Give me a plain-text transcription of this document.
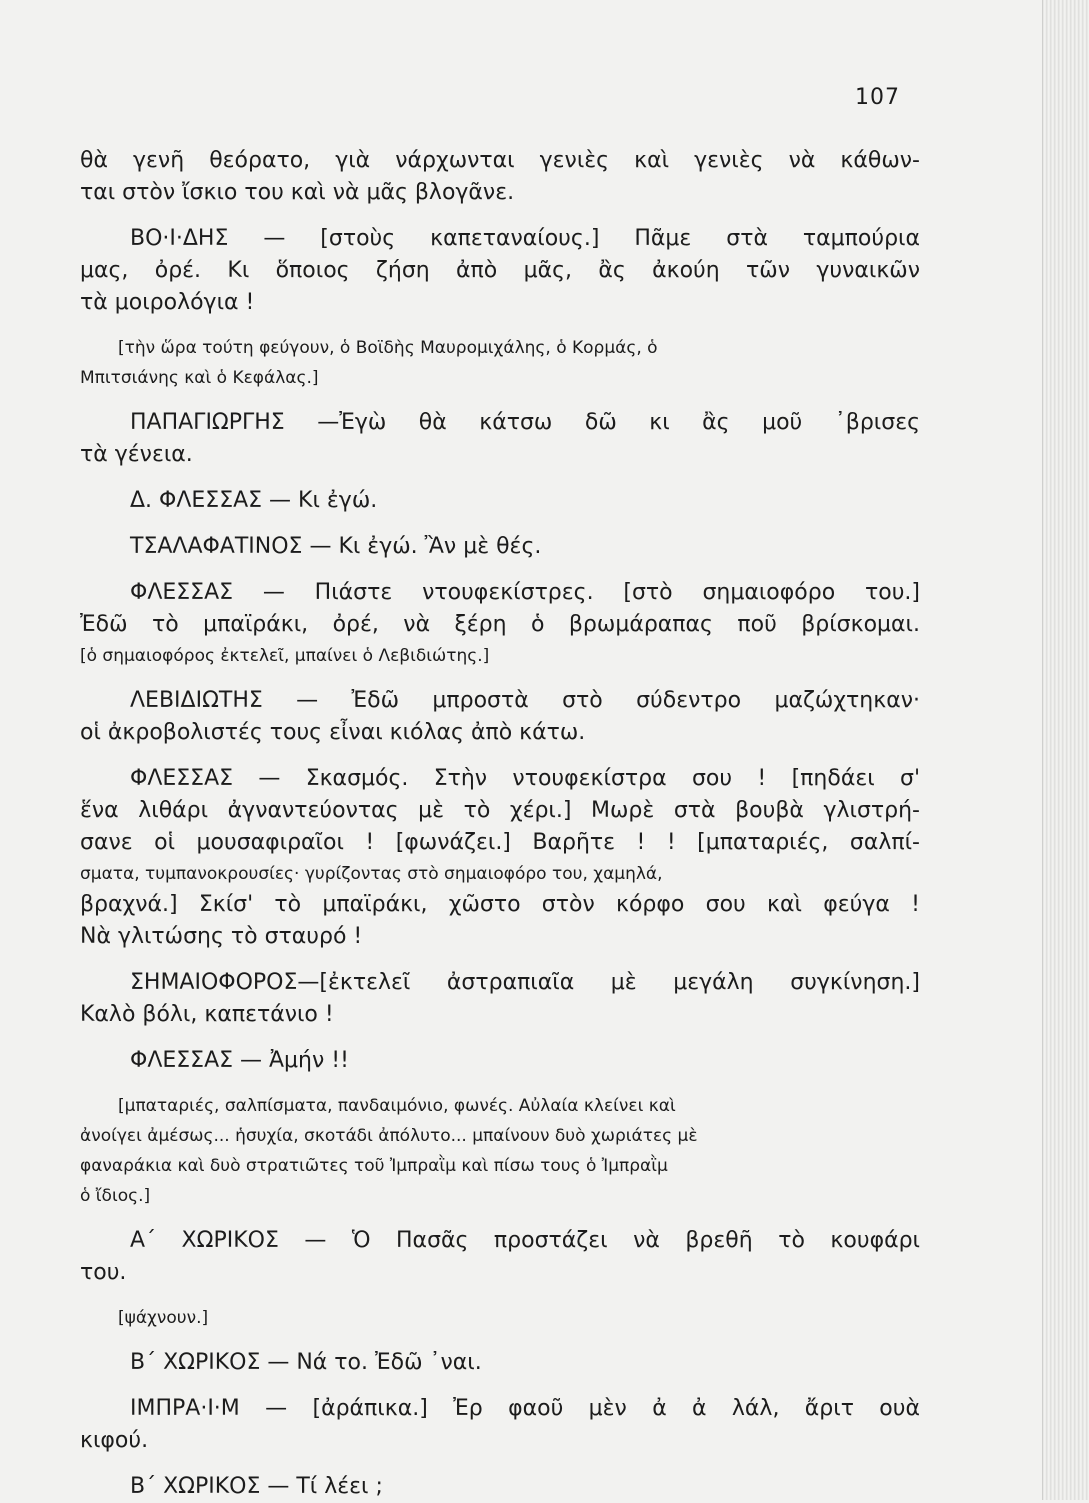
107
θὰ γενῆ θεόρατο, γιὰ νάρχωνται γενιὲς καὶ γενιὲς νὰ κάθων-
ται στὸν ἴσκιο του καὶ νὰ μᾶς βλογᾶνε.
ΒΟ·Ι·ΔΗΣ — [στοὺς καπεταναίους.] Πᾶμε στὰ ταμπούρια
μας, ὀρέ. Κι ὅποιος ζήση ἀπὸ μᾶς, ἂς ἀκούη τῶν γυναικῶν
τὰ μοιρολόγια !
[τὴν ὥρα τούτη φεύγουν, ὁ Βοϊδὴς Μαυρομιχάλης, ὁ Κορμάς, ὁ
Μπιτσιάνης καὶ ὁ Κεφάλας.]
ΠΑΠΑΓΙΩΡΓΗΣ —Ἐγὼ θὰ κάτσω δῶ κι ἂς μοῦ ᾿βρισες
τὰ γένεια.
Δ. ΦΛΕΣΣΑΣ — Κι ἐγώ.
ΤΣΑΛΑΦΑΤΙΝΟΣ — Κι ἐγώ. Ἂν μὲ θές.
ΦΛΕΣΣΑΣ — Πιάστε ντουφεκίστρες. [στὸ σημαιοφόρο του.]
Ἐδῶ τὸ μπαϊράκι, ὀρέ, νὰ ξέρη ὁ βρωμάραπας ποῦ βρίσκομαι.
[ὁ σημαιοφόρος ἐκτελεῖ, μπαίνει ὁ Λεβιδιώτης.]
ΛΕΒΙΔΙΩΤΗΣ — Ἐδῶ μπροστὰ στὸ σύδεντρο μαζώχτηκαν·
οἱ ἀκροβολιστές τους εἶναι κιόλας ἀπὸ κάτω.
ΦΛΕΣΣΑΣ — Σκασμός. Στὴν ντουφεκίστρα σου ! [πηδάει σ'
ἕνα λιθάρι ἀγναντεύοντας μὲ τὸ χέρι.] Μωρὲ στὰ βουβὰ γλιστρή-
σανε οἱ μουσαφιραῖοι ! [φωνάζει.] Βαρῆτε ! ! [μπαταριές, σαλπί-
σματα, τυμπανοκρουσίες· γυρίζοντας στὸ σημαιοφόρο του, χαμηλά,
βραχνά.] Σκίσ' τὸ μπαϊράκι, χῶστο στὸν κόρφο σου καὶ φεύγα !
Νὰ γλιτώσης τὸ σταυρό !
ΣΗΜΑΙΟΦΟΡΟΣ—[ἐκτελεῖ ἀστραπιαῖα μὲ μεγάλη συγκίνηση.]
Καλὸ βόλι, καπετάνιο !
ΦΛΕΣΣΑΣ — Ἀμήν !!
[μπαταριές, σαλπίσματα, πανδαιμόνιο, φωνές. Αὐλαία κλείνει καὶ
ἀνοίγει ἀμέσως... ἡσυχία, σκοτάδι ἀπόλυτο... μπαίνουν δυὸ χωριάτες μὲ
φαναράκια καὶ δυὸ στρατιῶτες τοῦ Ἰμπραῒμ καὶ πίσω τους ὁ Ἰμπραῒμ
ὁ ἴδιος.]
Α΄ ΧΩΡΙΚΟΣ — Ὁ Πασᾶς προστάζει νὰ βρεθῆ τὸ κουφάρι
του.
[ψάχνουν.]
Β΄ ΧΩΡΙΚΟΣ — Νά το. Ἐδῶ ᾿ναι.
ΙΜΠΡΑ·Ι·Μ — [ἀράπικα.] Ἐρ φαοῦ μὲν ἀ ἀ λάλ, ἄριτ ουὰ
κιφού.
Β΄ ΧΩΡΙΚΟΣ — Τί λέει ;
